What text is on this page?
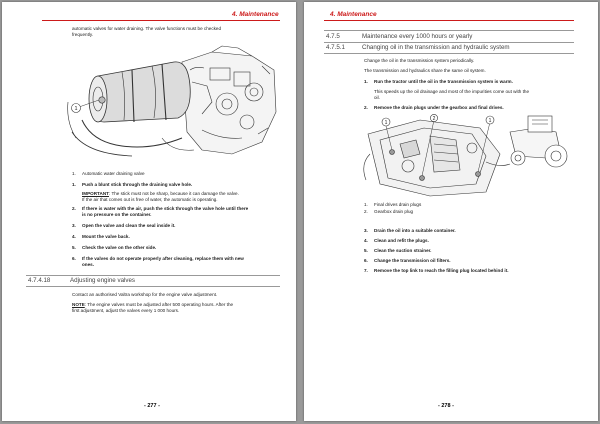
4. Maintenance
automatic valves for water draining. The valve functions must be checked
frequently.
1
1. Automatic water draining valve
1. Push a blunt stick through the draining valve hole.
IMPORTANT: The stick must not be sharp, because it can damage the valve.
If the air that comes out is free of water, the automatic is operating.
2. If there is water with the air, push the stick through the valve hole until there
is no pressure on the container.
3. Open the valve and clean the seal inside it.
4. Mount the valve back.
5. Check the valve on the other side.
6. If the valves do not operate properly after cleaning, replace them with new
ones.
4.7.4.18	Adjusting engine valves
Contact an authorised Valtra workshop for the engine valve adjustment.
NOTE: The engine valves must be adjusted after 500 operating hours. After the
first adjustment, adjust the valves every 1 000 hours.
- 277 -
4. Maintenance
4.7.5	Maintenance every 1000 hours or yearly
4.7.5.1	Changing oil in the transmission and hydraulic system
Change the oil in the transmission system periodically.
The transmission and hydraulics share the same oil system.
1. Run the tractor until the oil in the transmission system is warm.
This speeds up the oil drainage and most of the impurities come out with the
oil.
2. Remove the drain plugs under the gearbox and final drives.
1	1
2
1. Final drives drain plugs
2. Gearbox drain plug
3. Drain the oil into a suitable container.
4. Clean and refit the plugs.
5. Clean the suction strainer.
6. Change the transmission oil filters.
7. Remove the top link to reach the filling plug located behind it.
- 278 -
